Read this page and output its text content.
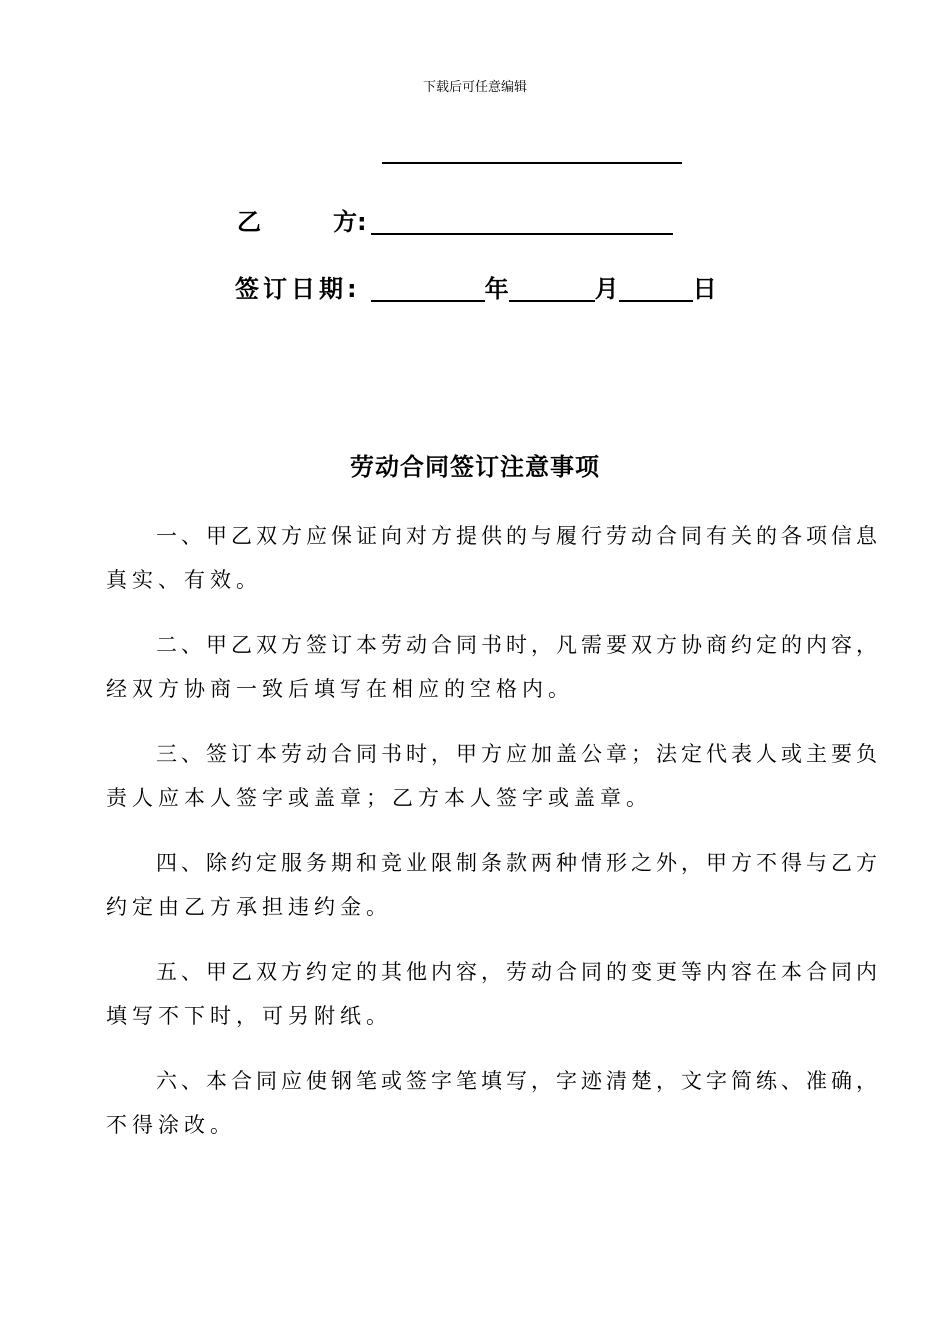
下载后可任意编辑
乙	方:
签订日期:	年	月	日
劳动合同签订注意事项
一、甲乙双方应保证向对方提供的与履行劳动合同有关的各项信息
真实、有效。
二、甲乙双方签订本劳动合同书时，凡需要双方协商约定的内容，
经双方协商一致后填写在相应的空格内。
三、签订本劳动合同书时，甲方应加盖公章；法定代表人或主要负
责人应本人签字或盖章；乙方本人签字或盖章。
四、除约定服务期和竞业限制条款两种情形之外，甲方不得与乙方
约定由乙方承担违约金。
五、甲乙双方约定的其他内容，劳动合同的变更等内容在本合同内
填写不下时，可另附纸。
六、本合同应使钢笔或签字笔填写，字迹清楚，文字简练、准确，
不得涂改。
